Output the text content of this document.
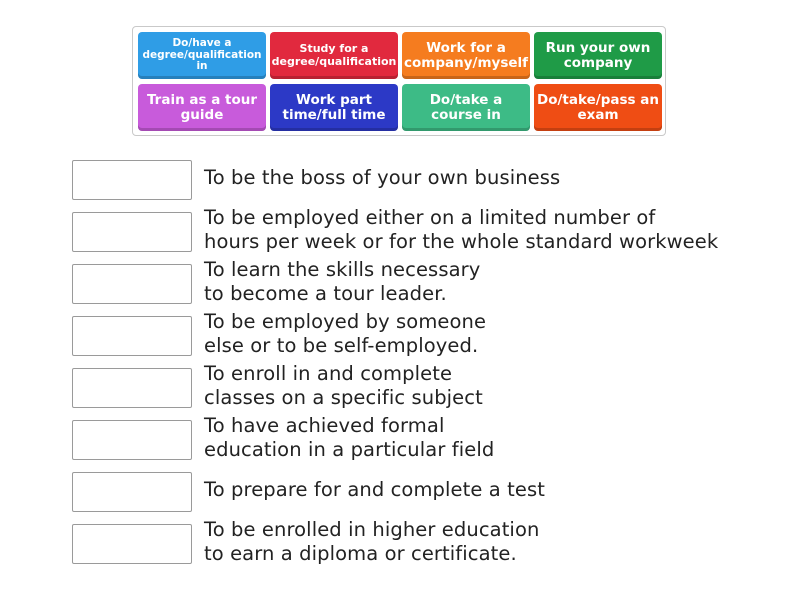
Do/have a degree/qualification in
Study for a degree/qualification
Work for a company/myself
Run your own company
Train as a tour guide
Work part time/full time
Do/take a course in
Do/take/pass an exam
To be the boss of your own business
To be employed either on a limited number of
hours per week or for the whole standard workweek
To learn the skills necessary
to become a tour leader.
To be employed by someone
else or to be self-employed.
To enroll in and complete
classes on a specific subject
To have achieved formal
education in a particular field
To prepare for and complete a test
To be enrolled in higher education
to earn a diploma or certificate.
